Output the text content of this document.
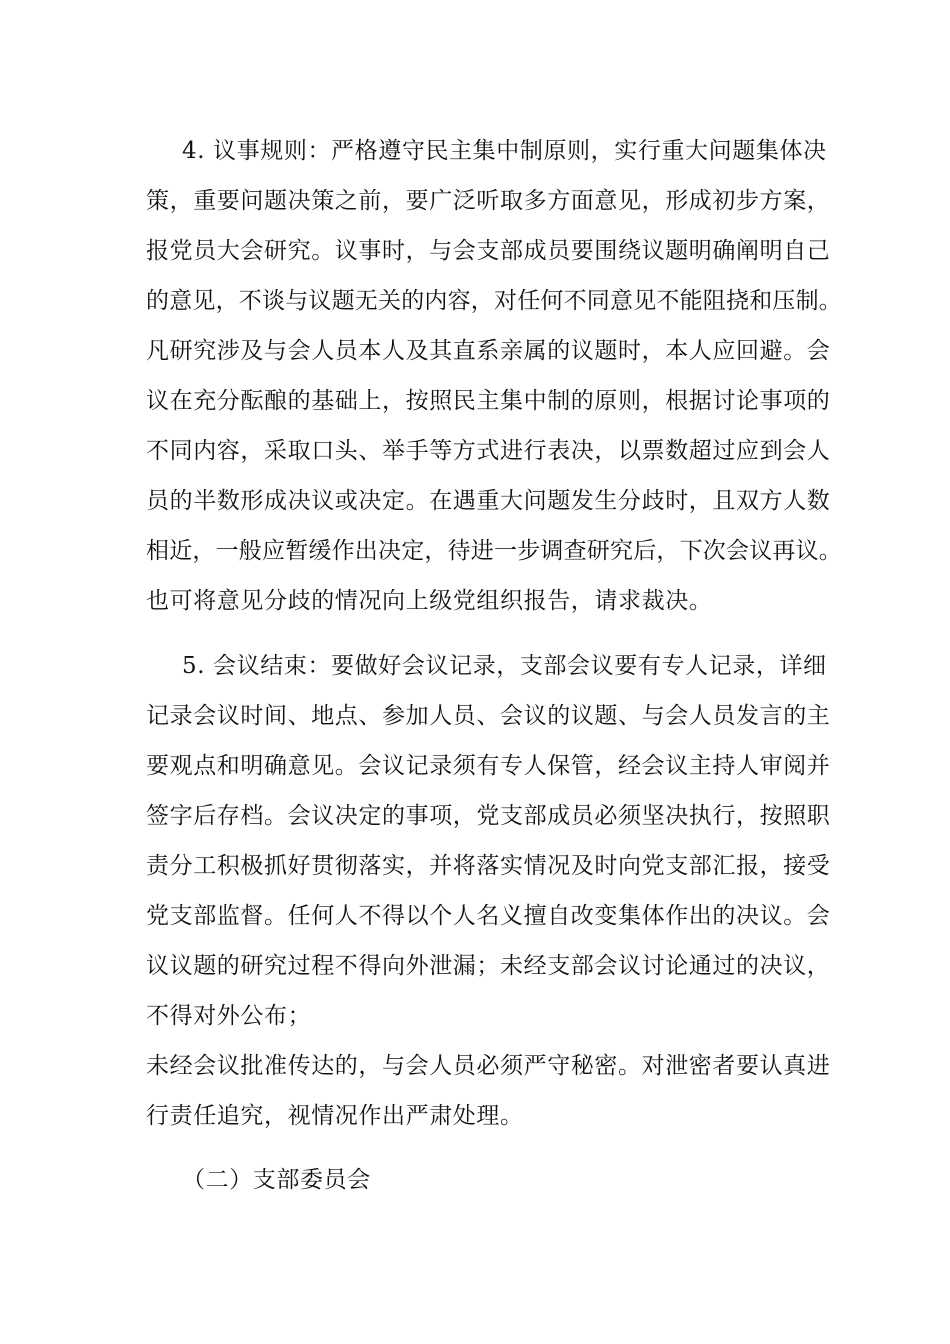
4. 议事规则：严格遵守民主集中制原则，实行重大问题集体决
策，重要问题决策之前，要广泛听取多方面意见，形成初步方案，
报党员大会研究。议事时，与会支部成员要围绕议题明确阐明自己
的意见，不谈与议题无关的内容，对任何不同意见不能阻挠和压制。
凡研究涉及与会人员本人及其直系亲属的议题时，本人应回避。会
议在充分酝酿的基础上，按照民主集中制的原则，根据讨论事项的
不同内容，采取口头、举手等方式进行表决，以票数超过应到会人
员的半数形成决议或决定。在遇重大问题发生分歧时，且双方人数
相近，一般应暂缓作出决定，待进一步调查研究后，下次会议再议。
也可将意见分歧的情况向上级党组织报告，请求裁决。
5. 会议结束：要做好会议记录，支部会议要有专人记录，详细
记录会议时间、地点、参加人员、会议的议题、与会人员发言的主
要观点和明确意见。会议记录须有专人保管，经会议主持人审阅并
签字后存档。会议决定的事项，党支部成员必须坚决执行，按照职
责分工积极抓好贯彻落实，并将落实情况及时向党支部汇报，接受
党支部监督。任何人不得以个人名义擅自改变集体作出的决议。会
议议题的研究过程不得向外泄漏；未经支部会议讨论通过的决议，
不得对外公布；
未经会议批准传达的，与会人员必须严守秘密。对泄密者要认真进
行责任追究，视情况作出严肃处理。
（二）支部委员会
